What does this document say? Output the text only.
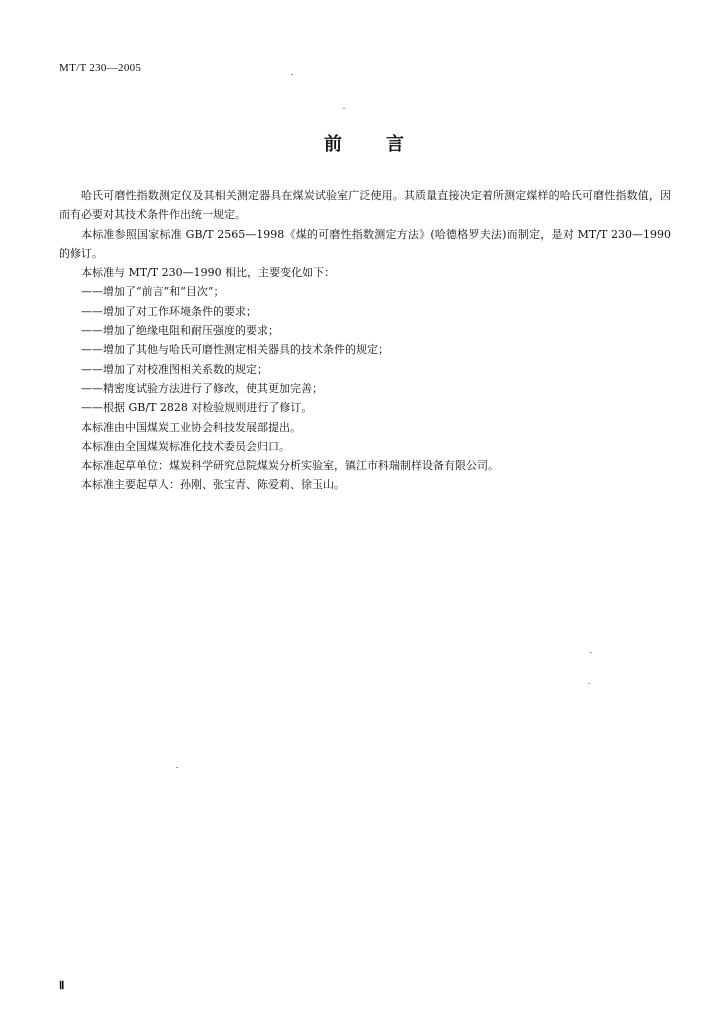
MT/T 230—2005
前 言

哈氏可磨性指数测定仪及其相关测定器具在煤炭试验室广泛使用。其质量直接决定着所测定煤样的哈氏可磨性指数值，因而有必要对其技术条件作出统一规定。

本标准参照国家标准 GB/T 2565—1998《煤的可磨性指数测定方法》(哈德格罗夫法)而制定，是对 MT/T 230—1990 的修订。

本标准与 MT/T 230—1990 相比，主要变化如下：

——增加了“前言”和“目次”；

——增加了对工作环境条件的要求；

——增加了绝缘电阻和耐压强度的要求；

——增加了其他与哈氏可磨性测定相关器具的技术条件的规定；

——增加了对校准图相关系数的规定；

——精密度试验方法进行了修改，使其更加完善；

——根据 GB/T 2828 对检验规则进行了修订。

本标准由中国煤炭工业协会科技发展部提出。

本标准由全国煤炭标准化技术委员会归口。

本标准起草单位：煤炭科学研究总院煤炭分析实验室，镇江市科瑞制样设备有限公司。

本标准主要起草人：孙刚、张宝青、陈爱莉、徐玉山。

Ⅱ
